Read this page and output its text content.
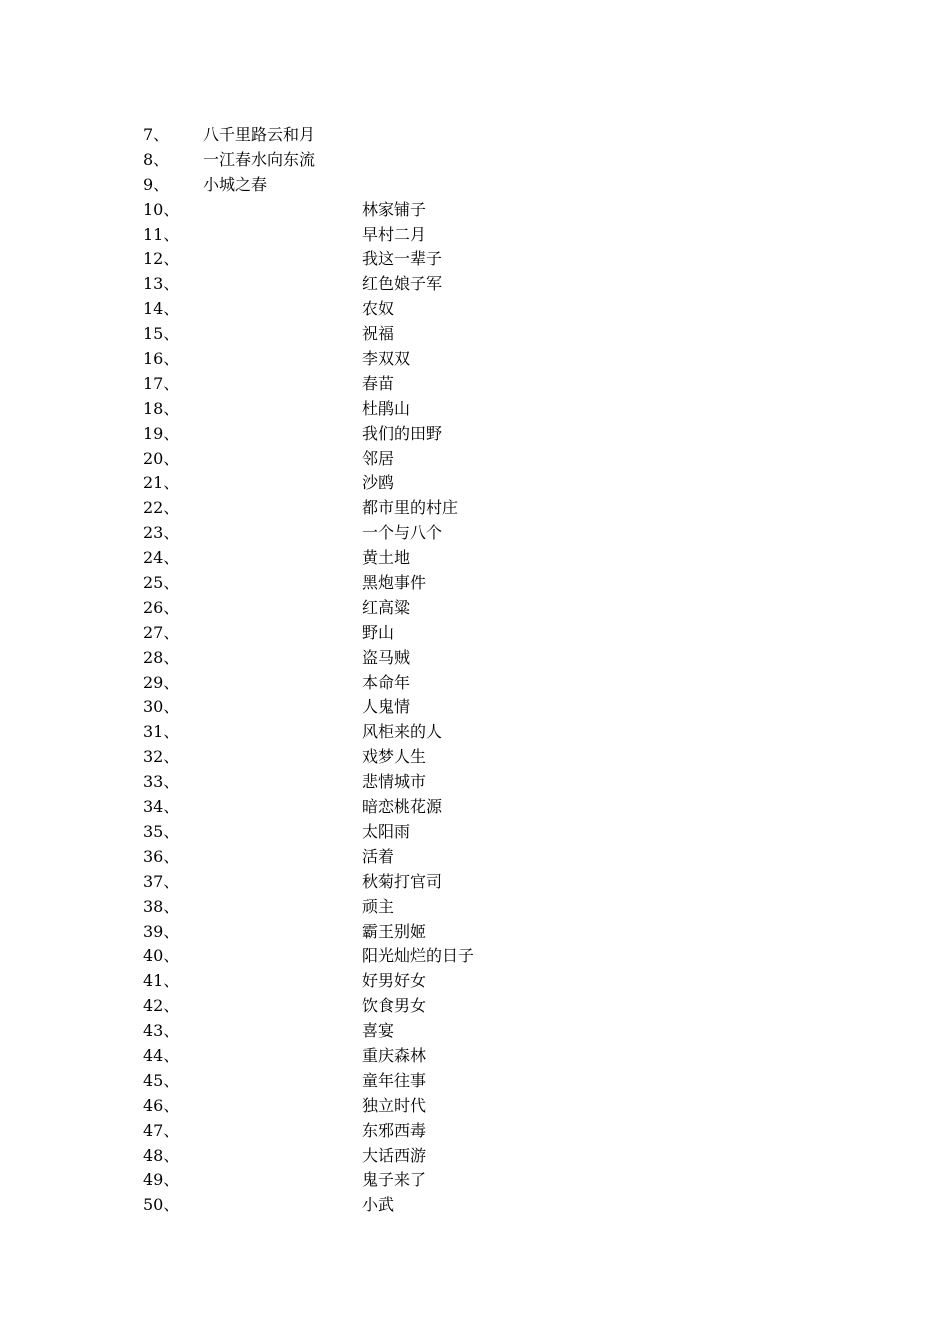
7、 八千里路云和月
8、 一江春水向东流
9、 小城之春
10、	林家铺子
11、	早村二月
12、	我这一辈子
13、	红色娘子军
14、	农奴
15、	祝福
16、	李双双
17、	春苗
18、	杜鹃山
19、	我们的田野
20、	邻居
21、	沙鸥
22、	都市里的村庄
23、	一个与八个
24、	黄土地
25、	黑炮事件
26、	红高粱
27、	野山
28、	盗马贼
29、	本命年
30、	人鬼情
31、	风柜来的人
32、	戏梦人生
33、	悲情城市
34、	暗恋桃花源
35、	太阳雨
36、	活着
37、	秋菊打官司
38、	顽主
39、	霸王别姬
40、	阳光灿烂的日子
41、	好男好女
42、	饮食男女
43、	喜宴
44、	重庆森林
45、	童年往事
46、	独立时代
47、	东邪西毒
48、	大话西游
49、	鬼子来了
50、	小武
